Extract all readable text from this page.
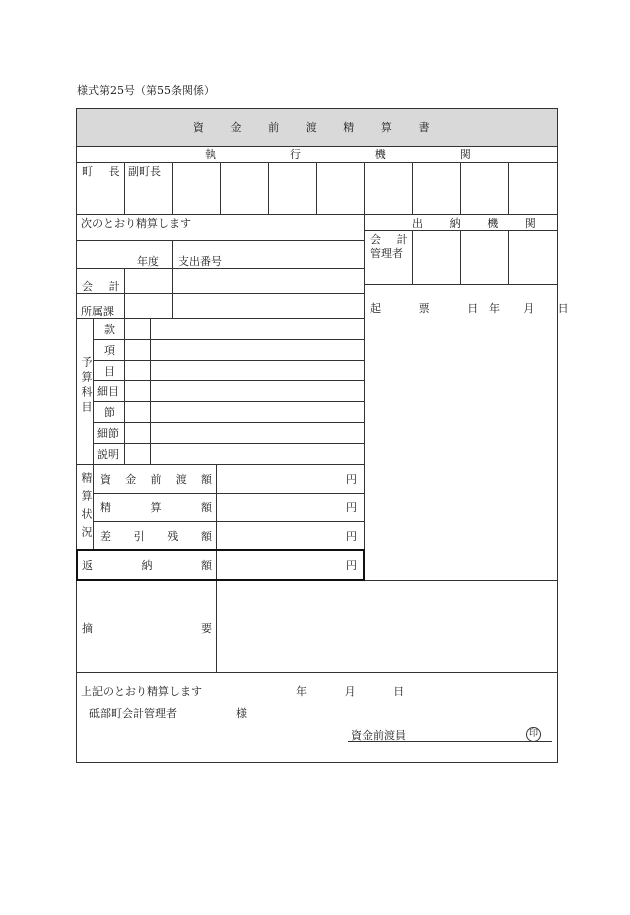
様式第25号（第55条関係）
資 金 前 渡 精 算 書
執 行 機 関
町 長 副町長
次のとおり精算します
年度 支出番号
会 計
所属課
予算科目
款
項
目
細目
節
細節
説明
精算状況 資 金 前 渡 額	円
精 算 額	円
差 引 残 額	円
返 納 額	円
出 納 機 関
会 計
管理者
起 票 日
年 月 日
摘	要
上記のとおり精算します	年 月 日
砥部町会計管理者	様
資金前渡員	印
